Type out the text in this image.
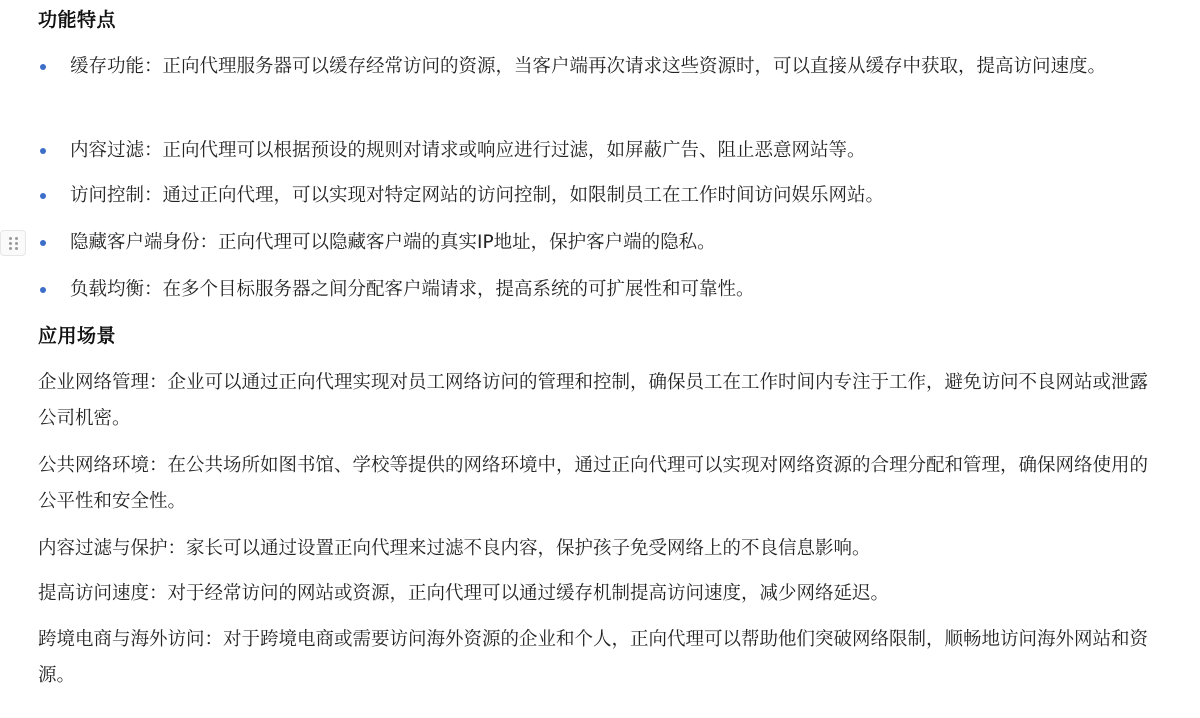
功能特点
缓存功能：正向代理服务器可以缓存经常访问的资源，当客户端再次请求这些资源时，可以直接从缓存中获取，提高访问速度。
内容过滤：正向代理可以根据预设的规则对请求或响应进行过滤，如屏蔽广告、阻止恶意网站等。
访问控制：通过正向代理，可以实现对特定网站的访问控制，如限制员工在工作时间访问娱乐网站。
隐藏客户端身份：正向代理可以隐藏客户端的真实IP地址，保护客户端的隐私。
负载均衡：在多个目标服务器之间分配客户端请求，提高系统的可扩展性和可靠性。
应用场景
企业网络管理：企业可以通过正向代理实现对员工网络访问的管理和控制，确保员工在工作时间内专注于工作，避免访问不良网站或泄露公司机密。
公共网络环境：在公共场所如图书馆、学校等提供的网络环境中，通过正向代理可以实现对网络资源的合理分配和管理，确保网络使用的公平性和安全性。
内容过滤与保护：家长可以通过设置正向代理来过滤不良内容，保护孩子免受网络上的不良信息影响。
提高访问速度：对于经常访问的网站或资源，正向代理可以通过缓存机制提高访问速度，减少网络延迟。
跨境电商与海外访问：对于跨境电商或需要访问海外资源的企业和个人，正向代理可以帮助他们突破网络限制，顺畅地访问海外网站和资源。
